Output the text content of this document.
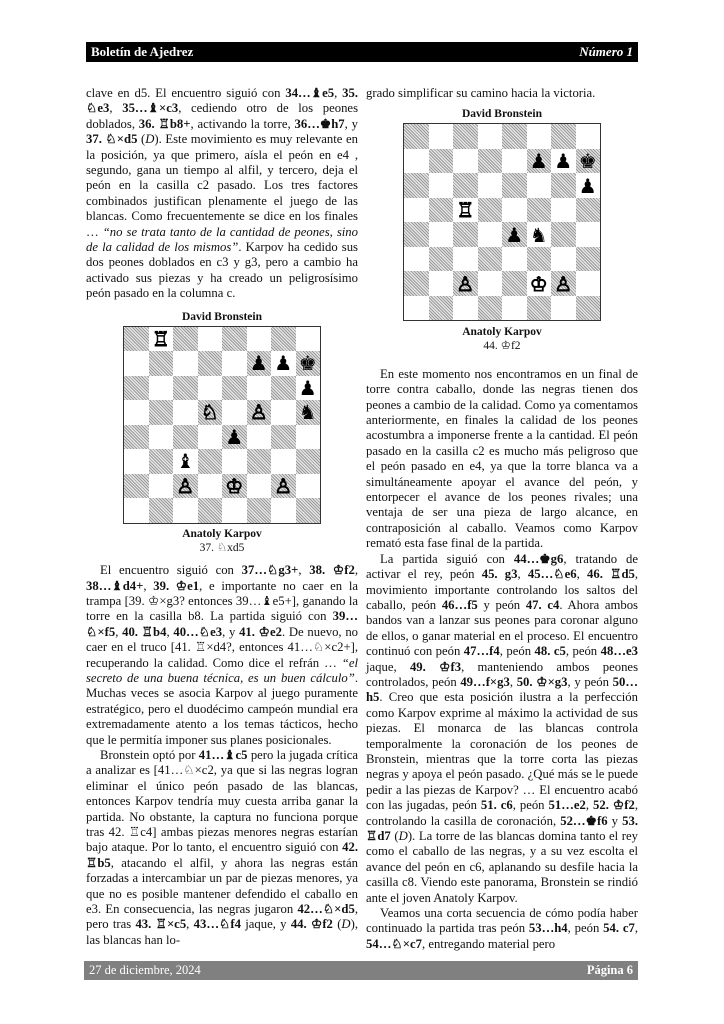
Boletín de Ajedrez	Número 1

clave en d5. El encuentro siguió con 34…♝e5, 35. ♘e3, 35…♝×c3, cediendo otro de los peones doblados, 36. ♖b8+, activando la torre, 36…♚h7, y 37. ♘×d5 (D). Este movimiento es muy relevante en la posición, ya que primero, aísla el peón en e4 , segundo, gana un tiempo al alfil, y tercero, deja el peón en la casilla c2 pasado. Los tres factores combinados justifican plenamente el juego de las blancas. Como frecuentemente se dice en los finales … “no se trata tanto de la cantidad de peones, sino de la calidad de los mismos”. Karpov ha cedido sus dos peones doblados en c3 y g3, pero a cambio ha activado sus piezas y ha creado un peligrosísimo peón pasado en la columna c.

David Bronstein
♖
♟ ♟ ♚
♟
♘ ♙ ♞
♟
♝
♙ ♔ ♙
Anatoly Karpov
37. ♘xd5

El encuentro siguió con 37…♘g3+, 38. ♔f2, 38…♝d4+, 39. ♔e1, e importante no caer en la trampa [39. ♔×g3? entonces 39…♝e5+], ganando la torre en la casilla b8. La partida siguió con 39…♘×f5, 40. ♖b4, 40…♘e3, y 41. ♔e2. De nuevo, no caer en el truco [41. ♖×d4?, entonces 41…♘×c2+], recuperando la calidad. Como dice el refrán … “el secreto de una buena técnica, es un buen cálculo”. Muchas veces se asocia Karpov al juego puramente estratégico, pero el duodécimo campeón mundial era extremadamente atento a los temas tácticos, hecho que le permitía imponer sus planes posicionales.

Bronstein optó por 41…♝c5 pero la jugada crítica a analizar es [41…♘×c2, ya que si las negras logran eliminar el único peón pasado de las blancas, entonces Karpov tendría muy cuesta arriba ganar la partida. No obstante, la captura no funciona porque tras 42. ♖c4] ambas piezas menores negras estarían bajo ataque. Por lo tanto, el encuentro siguió con 42. ♖b5, atacando el alfil, y ahora las negras están forzadas a intercambiar un par de piezas menores, ya que no es posible mantener defendido el caballo en e3. En consecuencia, las negras jugaron 42…♘×d5, pero tras 43. ♖×c5, 43…♘f4 jaque, y 44. ♔f2 (D), las blancas han lo-

grado simplificar su camino hacia la victoria.

David Bronstein
♟ ♟ ♚
♟
♖
♟ ♞
♙	♔ ♙
Anatoly Karpov
44. ♔f2

En este momento nos encontramos en un final de torre contra caballo, donde las negras tienen dos peones a cambio de la calidad. Como ya comentamos anteriormente, en finales la calidad de los peones acostumbra a imponerse frente a la cantidad. El peón pasado en la casilla c2 es mucho más peligroso que el peón pasado en e4, ya que la torre blanca va a simultáneamente apoyar el avance del peón, y entorpecer el avance de los peones rivales; una ventaja de ser una pieza de largo alcance, en contraposición al caballo. Veamos como Karpov remató esta fase final de la partida.

La partida siguió con 44…♚g6, tratando de activar el rey, peón 45. g3, 45…♘e6, 46. ♖d5, movimiento importante controlando los saltos del caballo, peón 46…f5 y peón 47. c4. Ahora ambos bandos van a lanzar sus peones para coronar alguno de ellos, o ganar material en el proceso. El encuentro continuó con peón 47…f4, peón 48. c5, peón 48…e3 jaque, 49. ♔f3, manteniendo ambos peones controlados, peón 49…f×g3, 50. ♔×g3, y peón 50…h5. Creo que esta posición ilustra a la perfección como Karpov exprime al máximo la actividad de sus piezas. El monarca de las blancas controla temporalmente la coronación de los peones de Bronstein, mientras que la torre corta las piezas negras y apoya el peón pasado. ¿Qué más se le puede pedir a las piezas de Karpov? … El encuentro acabó con las jugadas, peón 51. c6, peón 51…e2, 52. ♔f2, controlando la casilla de coronación, 52…♚f6 y 53. ♖d7 (D). La torre de las blancas domina tanto el rey como el caballo de las negras, y a su vez escolta el avance del peón en c6, aplanando su desfile hacia la casilla c8. Viendo este panorama, Bronstein se rindió ante el joven Anatoly Karpov.

Veamos una corta secuencia de cómo podía haber continuado la partida tras peón 53…h4, peón 54. c7, 54…♘×c7, entregando material pero

27 de diciembre, 2024	Página 6
